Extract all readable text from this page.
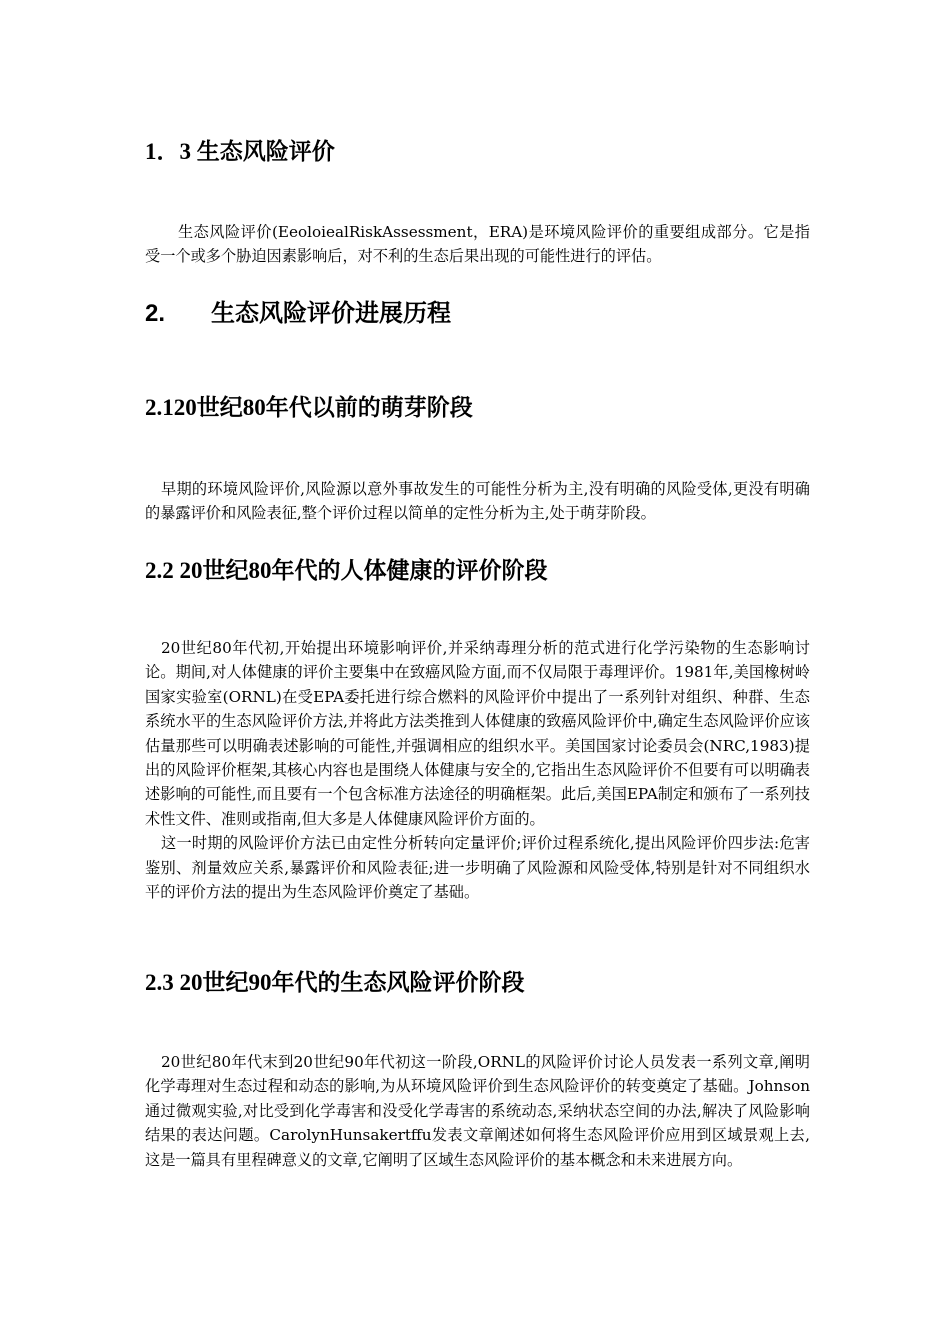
1．3 生态风险评价

生态风险评价(EeoloiealRiskAssessment，ERA)是环境风险评价的重要组成部分。它是指受一个或多个胁迫因素影响后，对不利的生态后果出现的可能性进行的评估。

2. 生态风险评价进展历程
2.120世纪80年代以前的萌芽阶段

早期的环境风险评价,风险源以意外事故发生的可能性分析为主,没有明确的风险受体,更没有明确的暴露评价和风险表征,整个评价过程以简单的定性分析为主,处于萌芽阶段。

2.2 20世纪80年代的人体健康的评价阶段

20世纪80年代初,开始提出环境影响评价,并采纳毒理分析的范式进行化学污染物的生态影响讨论。期间,对人体健康的评价主要集中在致癌风险方面,而不仅局限于毒理评价。1981年,美国橡树岭国家实验室(ORNL)在受EPA委托进行综合燃料的风险评价中提出了一系列针对组织、种群、生态系统水平的生态风险评价方法,并将此方法类推到人体健康的致癌风险评价中,确定生态风险评价应该估量那些可以明确表述影响的可能性,并强调相应的组织水平。美国国家讨论委员会(NRC,1983)提出的风险评价框架,其核心内容也是围绕人体健康与安全的,它指出生态风险评价不但要有可以明确表述影响的可能性,而且要有一个包含标准方法途径的明确框架。此后,美国EPA制定和颁布了一系列技术性文件、准则或指南,但大多是人体健康风险评价方面的。

这一时期的风险评价方法已由定性分析转向定量评价;评价过程系统化,提出风险评价四步法:危害鉴别、剂量效应关系,暴露评价和风险表征;进一步明确了风险源和风险受体,特别是针对不同组织水平的评价方法的提出为生态风险评价奠定了基础。

2.3 20世纪90年代的生态风险评价阶段

20世纪80年代末到20世纪90年代初这一阶段,ORNL的风险评价讨论人员发表一系列文章,阐明化学毒理对生态过程和动态的影响,为从环境风险评价到生态风险评价的转变奠定了基础。Johnson通过微观实验,对比受到化学毒害和没受化学毒害的系统动态,采纳状态空间的办法,解决了风险影响结果的表达问题。CarolynHunsakertffu发表文章阐述如何将生态风险评价应用到区域景观上去,这是一篇具有里程碑意义的文章,它阐明了区域生态风险评价的基本概念和未来进展方向。
